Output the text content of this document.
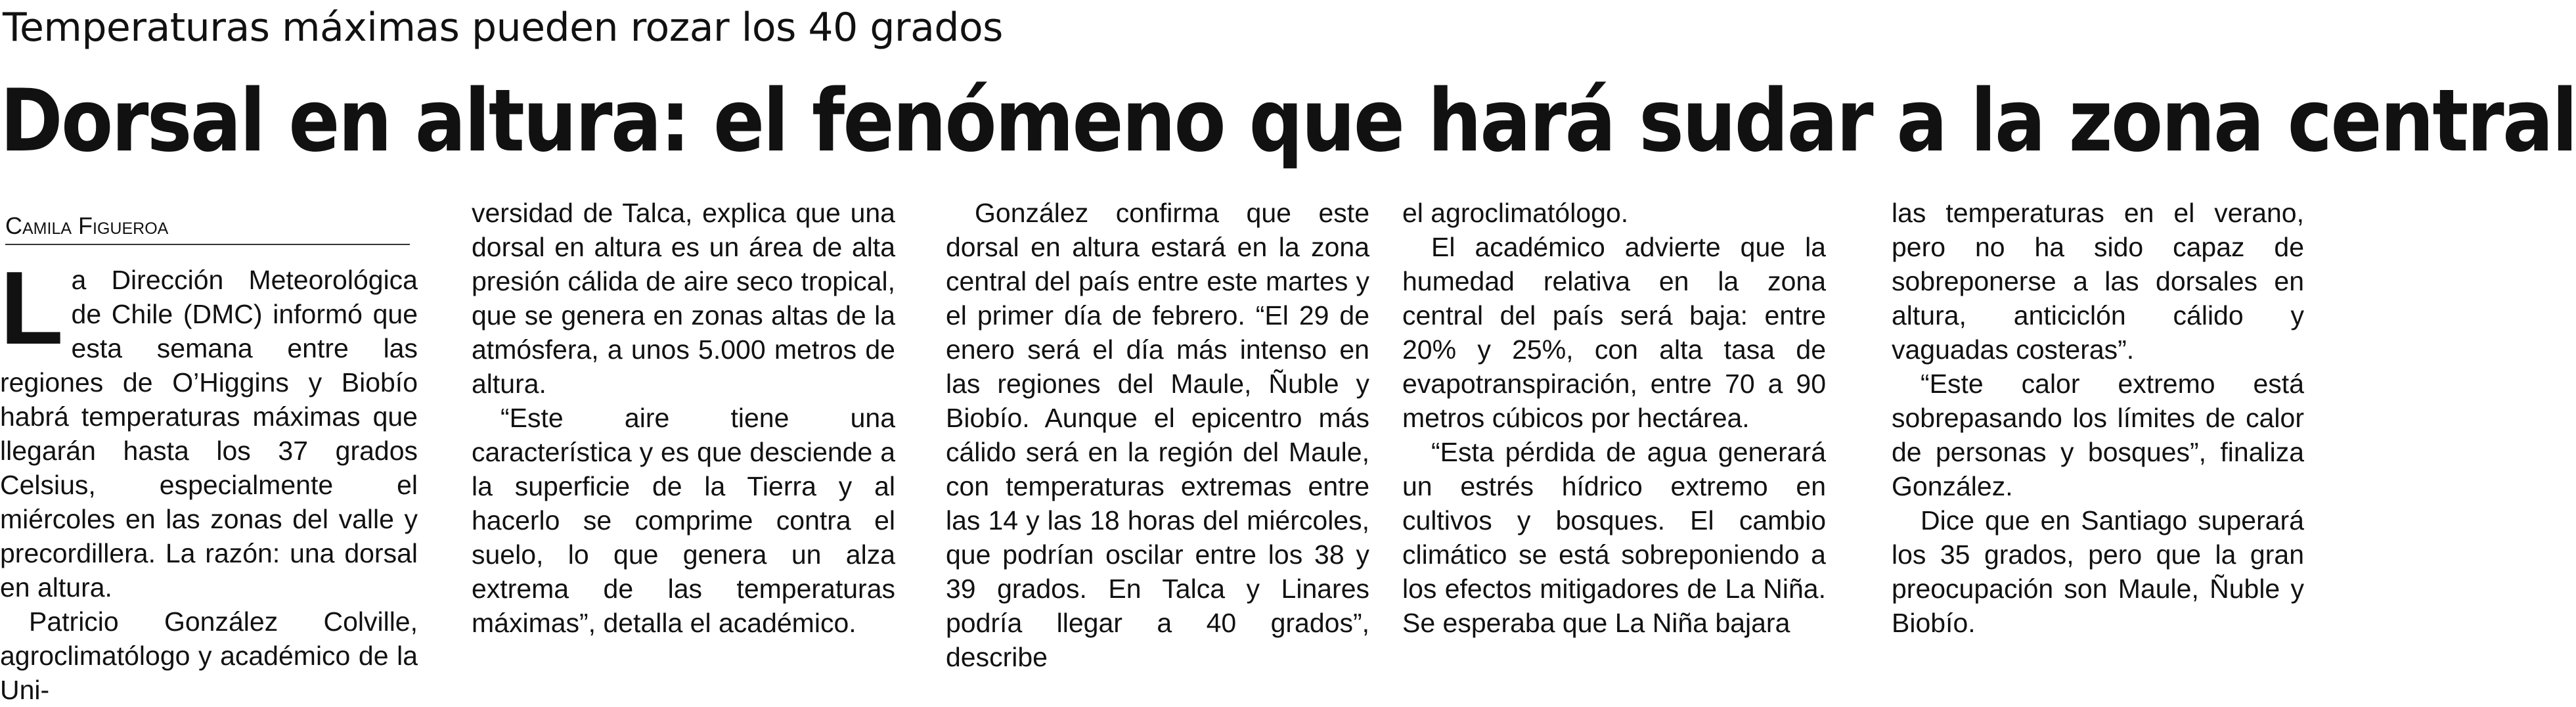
Temperaturas máximas pueden rozar los 40 grados
Dorsal en altura: el fenómeno que hará sudar a la zona central
Camila Figueroa

La Dirección Meteorológica de Chile (DMC) informó que esta semana entre las regiones de O’Higgins y Biobío habrá temperaturas máximas que llegarán hasta los 37 grados Celsius, especialmente el miércoles en las zonas del valle y precordillera. La razón: una dorsal en altura.

Patricio González Colville, agroclimatólogo y académico de la Uni-

versidad de Talca, explica que una dorsal en altura es un área de alta presión cálida de aire seco tropical, que se genera en zonas altas de la atmósfera, a unos 5.000 metros de altura.

“Este aire tiene una característica y es que desciende a la superficie de la Tierra y al hacerlo se comprime contra el suelo, lo que genera un alza extrema de las temperaturas máximas”, detalla el académico.

González confirma que este dorsal en altura estará en la zona central del país entre este martes y el primer día de febrero. “El 29 de enero será el día más intenso en las regiones del Maule, Ñuble y Biobío. Aunque el epicentro más cálido será en la región del Maule, con temperaturas extremas entre las 14 y las 18 horas del miércoles, que podrían oscilar entre los 38 y 39 grados. En Talca y Linares podría llegar a 40 grados”, describe

el agroclimatólogo.

El académico advierte que la humedad relativa en la zona central del país será baja: entre 20% y 25%, con alta tasa de evapotranspiración, entre 70 a 90 metros cúbicos por hectárea.

“Esta pérdida de agua generará un estrés hídrico extremo en cultivos y bosques. El cambio climático se está sobreponiendo a los efectos mitigadores de La Niña. Se esperaba que La Niña bajara

las temperaturas en el verano, pero no ha sido capaz de sobreponerse a las dorsales en altura, anticiclón cálido y vaguadas costeras”.

“Este calor extremo está sobrepasando los límites de calor de personas y bosques”, finaliza González.

Dice que en Santiago superará los 35 grados, pero que la gran preocupación son Maule, Ñuble y Biobío.
